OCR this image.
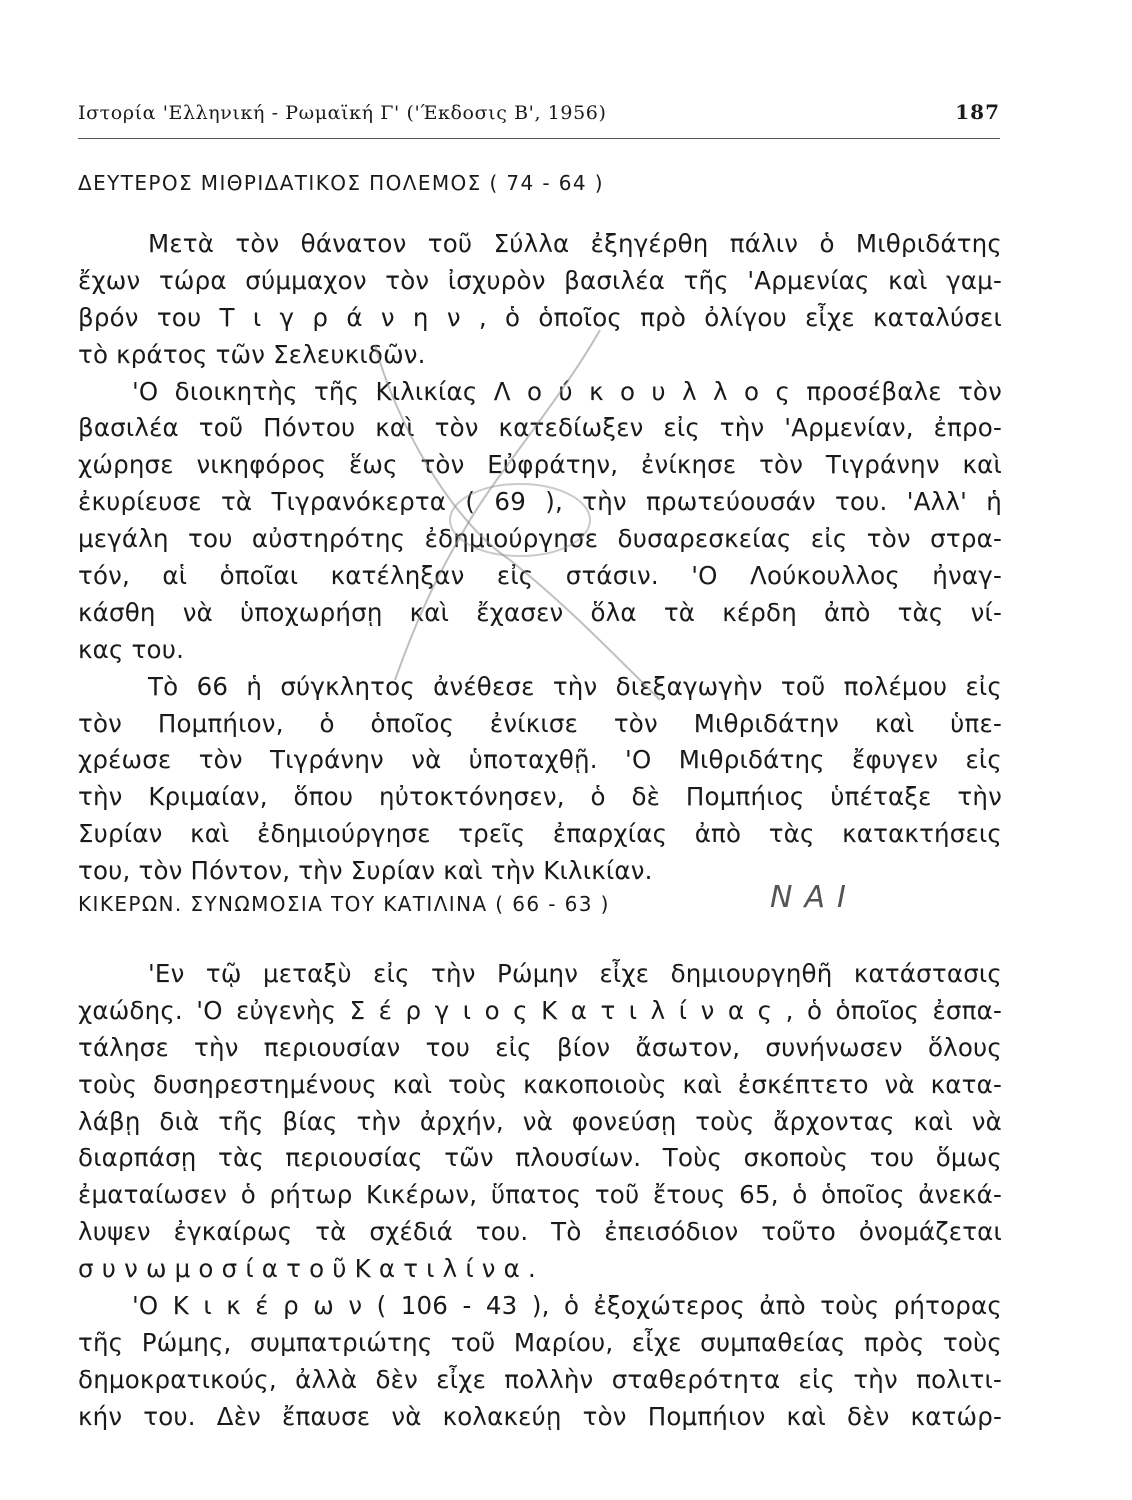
Ιστορία 'Ελληνική - Ρωμαϊκή Γ' ('Έκδοσις Β', 1956)	187
ΔΕΥΤΕΡΟΣ ΜΙΘΡΙΔΑΤΙΚΟΣ ΠΟΛΕΜΟΣ ( 74 - 64 )
Μετὰ τὸν θάνατον τοῦ Σύλλα ἐξηγέρθη πάλιν ὁ Μιθριδάτης
ἔχων τώρα σύμμαχον τὸν ἰσχυρὸν βασιλέα τῆς 'Αρμενίας καὶ γαμ-
βρόν του Τ ι γ ρ ά ν η ν , ὁ ὁποῖος πρὸ ὀλίγου εἶχε καταλύσει
τὸ κράτος τῶν Σελευκιδῶν.
'Ο διοικητὴς τῆς Κιλικίας Λ ο ύ κ ο υ λ λ ο ς προσέβαλε τὸν
βασιλέα τοῦ Πόντου καὶ τὸν κατεδίωξεν εἰς τὴν 'Αρμενίαν, ἐπρο-
χώρησε νικηφόρος ἕως τὸν Εὐφράτην, ἐνίκησε τὸν Τιγράνην καὶ
ἐκυρίευσε τὰ Τιγρανόκερτα ( 69 ), τὴν πρωτεύουσάν του. 'Αλλ' ἡ
μεγάλη του αὐστηρότης ἐδημιούργησε δυσαρεσκείας εἰς τὸν στρα-
τόν, αἱ ὁποῖαι κατέληξαν εἰς στάσιν. 'Ο Λούκουλλος ἠναγ-
κάσθη νὰ ὑποχωρήσῃ καὶ ἔχασεν ὅλα τὰ κέρδη ἀπὸ τὰς νί-
κας του.
Τὸ 66 ἡ σύγκλητος ἀνέθεσε τὴν διεξαγωγὴν τοῦ πολέμου εἰς
τὸν Πομπήιον, ὁ ὁποῖος ἐνίκισε τὸν Μιθριδάτην καὶ ὑπε-
χρέωσε τὸν Τιγράνην νὰ ὑποταχθῇ. 'Ο Μιθριδάτης ἔφυγεν εἰς
τὴν Κριμαίαν, ὅπου ηὐτοκτόνησεν, ὁ δὲ Πομπήιος ὑπέταξε τὴν
Συρίαν καὶ ἐδημιούργησε τρεῖς ἐπαρχίας ἀπὸ τὰς κατακτήσεις
του, τὸν Πόντον, τὴν Συρίαν καὶ τὴν Κιλικίαν.
ΚΙΚΕΡΩΝ. ΣΥΝΩΜΟΣΙΑ ΤΟΥ ΚΑΤΙΛΙΝΑ ( 66 - 63 )	ΝΑΙ
'Εν τῷ μεταξὺ εἰς τὴν Ρώμην εἶχε δημιουργηθῆ κατάστασις
χαώδης. 'Ο εὐγενὴς Σ έ ρ γ ι ο ς Κ α τ ι λ ί ν α ς , ὁ ὁποῖος ἐσπα-
τάλησε τὴν περιουσίαν του εἰς βίον ἄσωτον, συνήνωσεν ὅλους
τοὺς δυσηρεστημένους καὶ τοὺς κακοποιοὺς καὶ ἐσκέπτετο νὰ κατα-
λάβῃ διὰ τῆς βίας τὴν ἀρχήν, νὰ φονεύσῃ τοὺς ἄρχοντας καὶ νὰ
διαρπάσῃ τὰς περιουσίας τῶν πλουσίων. Τοὺς σκοποὺς του ὅμως
ἐματαίωσεν ὁ ρήτωρ Κικέρων, ὕπατος τοῦ ἔτους 65, ὁ ὁποῖος ἀνεκά-
λυψεν ἐγκαίρως τὰ σχέδιά του. Τὸ ἐπεισόδιον τοῦτο ὀνομάζεται
σ υ ν ω μ ο σ ί α τ ο ῦ Κ α τ ι λ ί ν α .
'Ο Κ ι κ έ ρ ω ν ( 106 - 43 ), ὁ ἐξοχώτερος ἀπὸ τοὺς ρήτορας
τῆς Ρώμης, συμπατριώτης τοῦ Μαρίου, εἶχε συμπαθείας πρὸς τοὺς
δημοκρατικούς, ἀλλὰ δὲν εἶχε πολλὴν σταθερότητα εἰς τὴν πολιτι-
κήν του. Δὲν ἔπαυσε νὰ κολακεύῃ τὸν Πομπήιον καὶ δὲν κατώρ-
